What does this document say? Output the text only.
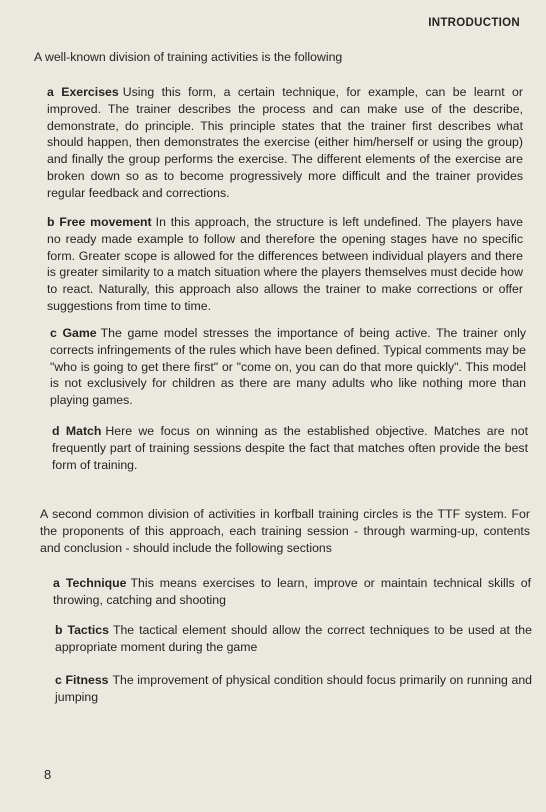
INTRODUCTION
A well-known division of training activities is the following
a Exercises Using this form, a certain technique, for example, can be learnt or improved. The trainer describes the process and can make use of the describe, demonstrate, do principle. This principle states that the trainer first describes what should happen, then demonstrates the exercise (either him/herself or using the group) and finally the group performs the exercise. The different elements of the exercise are broken down so as to become progressively more difficult and the trainer provides regular feedback and corrections.
b Free movement In this approach, the structure is left undefined. The players have no ready made example to follow and therefore the opening stages have no specific form. Greater scope is allowed for the differences between individual players and there is greater similarity to a match situation where the players themselves must decide how to react. Naturally, this approach also allows the trainer to make corrections or offer suggestions from time to time.
c Game The game model stresses the importance of being active. The trainer only corrects infringements of the rules which have been defined. Typical comments may be "who is going to get there first" or "come on, you can do that more quickly". This model is not exclusively for children as there are many adults who like nothing more than playing games.
d Match Here we focus on winning as the established objective. Matches are not frequently part of training sessions despite the fact that matches often provide the best form of training.
A second common division of activities in korfball training circles is the TTF system. For the proponents of this approach, each training session - through warming-up, contents and conclusion - should include the following sections
a Technique This means exercises to learn, improve or maintain technical skills of throwing, catching and shooting
b Tactics The tactical element should allow the correct techniques to be used at the appropriate moment during the game
c Fitness The improvement of physical condition should focus primarily on running and jumping
8
